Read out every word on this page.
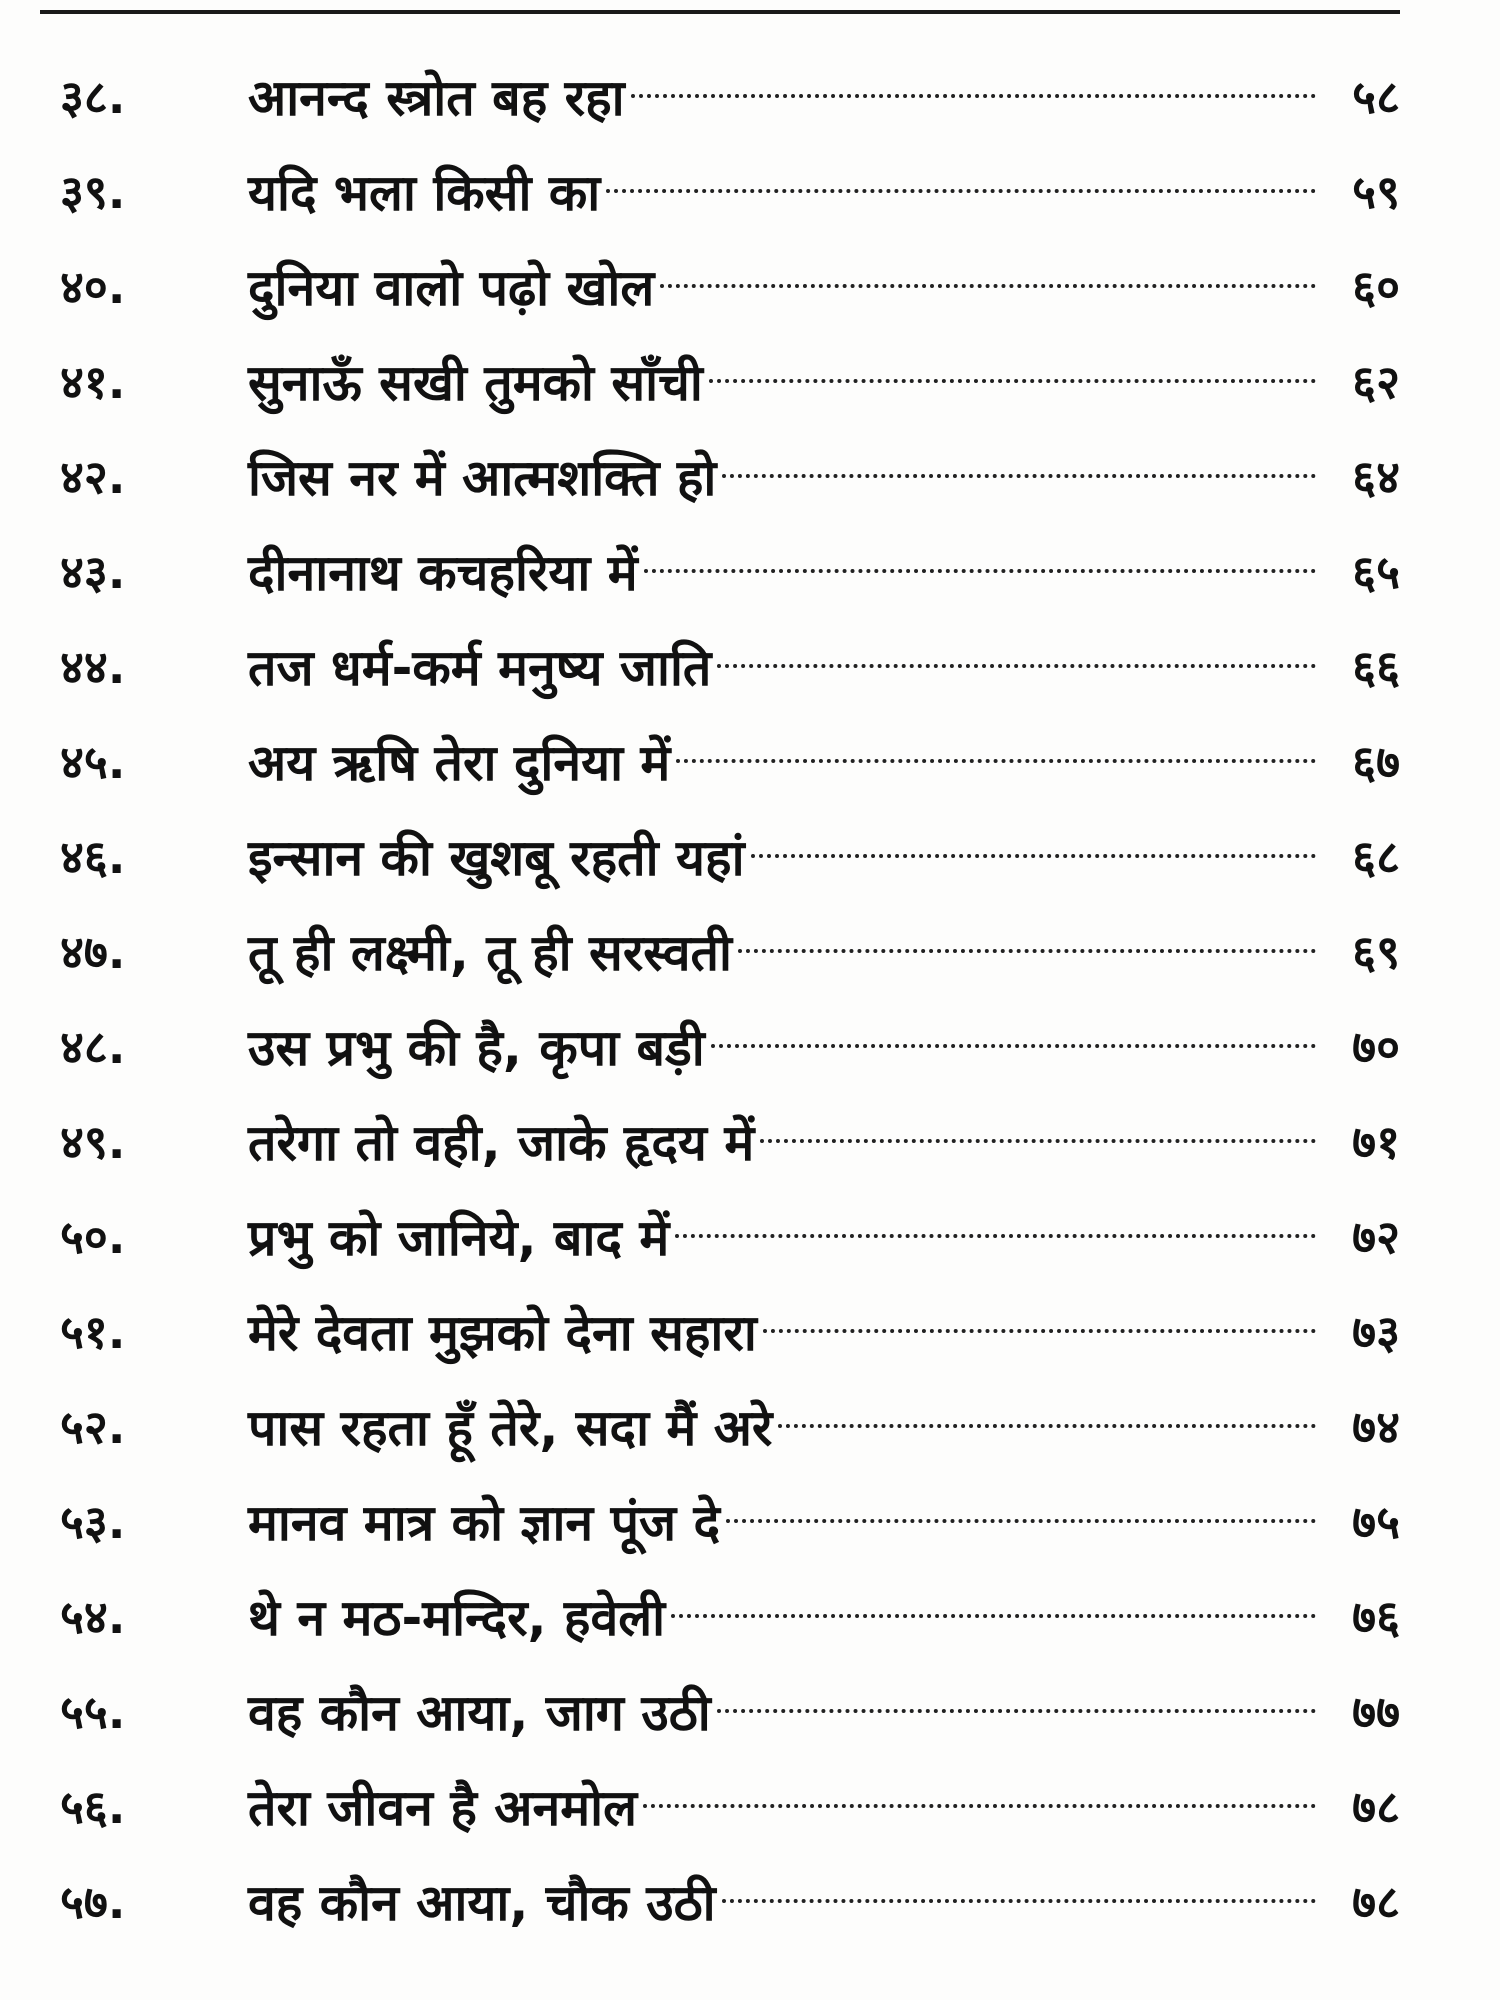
३८.	आनन्द स्त्रोत बह रहा	५८
३९.	यदि भला किसी का	५९
४०.	दुनिया वालो पढ़ो खोल	६०
४१.	सुनाऊँ सखी तुमको साँची	६२
४२.	जिस नर में आत्मशक्ति हो	६४
४३.	दीनानाथ कचहरिया में	६५
४४.	तज धर्म-कर्म मनुष्य जाति	६६
४५.	अय ऋषि तेरा दुनिया में	६७
४६.	इन्सान की खुशबू रहती यहां	६८
४७.	तू ही लक्ष्मी, तू ही सरस्वती	६९
४८.	उस प्रभु की है, कृपा बड़ी	७०
४९.	तरेगा तो वही, जाके हृदय में	७१
५०.	प्रभु को जानिये, बाद में	७२
५१.	मेरे देवता मुझको देना सहारा	७३
५२.	पास रहता हूँ तेरे, सदा मैं अरे	७४
५३.	मानव मात्र को ज्ञान पूंज दे	७५
५४.	थे न मठ-मन्दिर, हवेली	७६
५५.	वह कौन आया, जाग उठी	७७
५६.	तेरा जीवन है अनमोल	७८
५७.	वह कौन आया, चौक उठी	७८
